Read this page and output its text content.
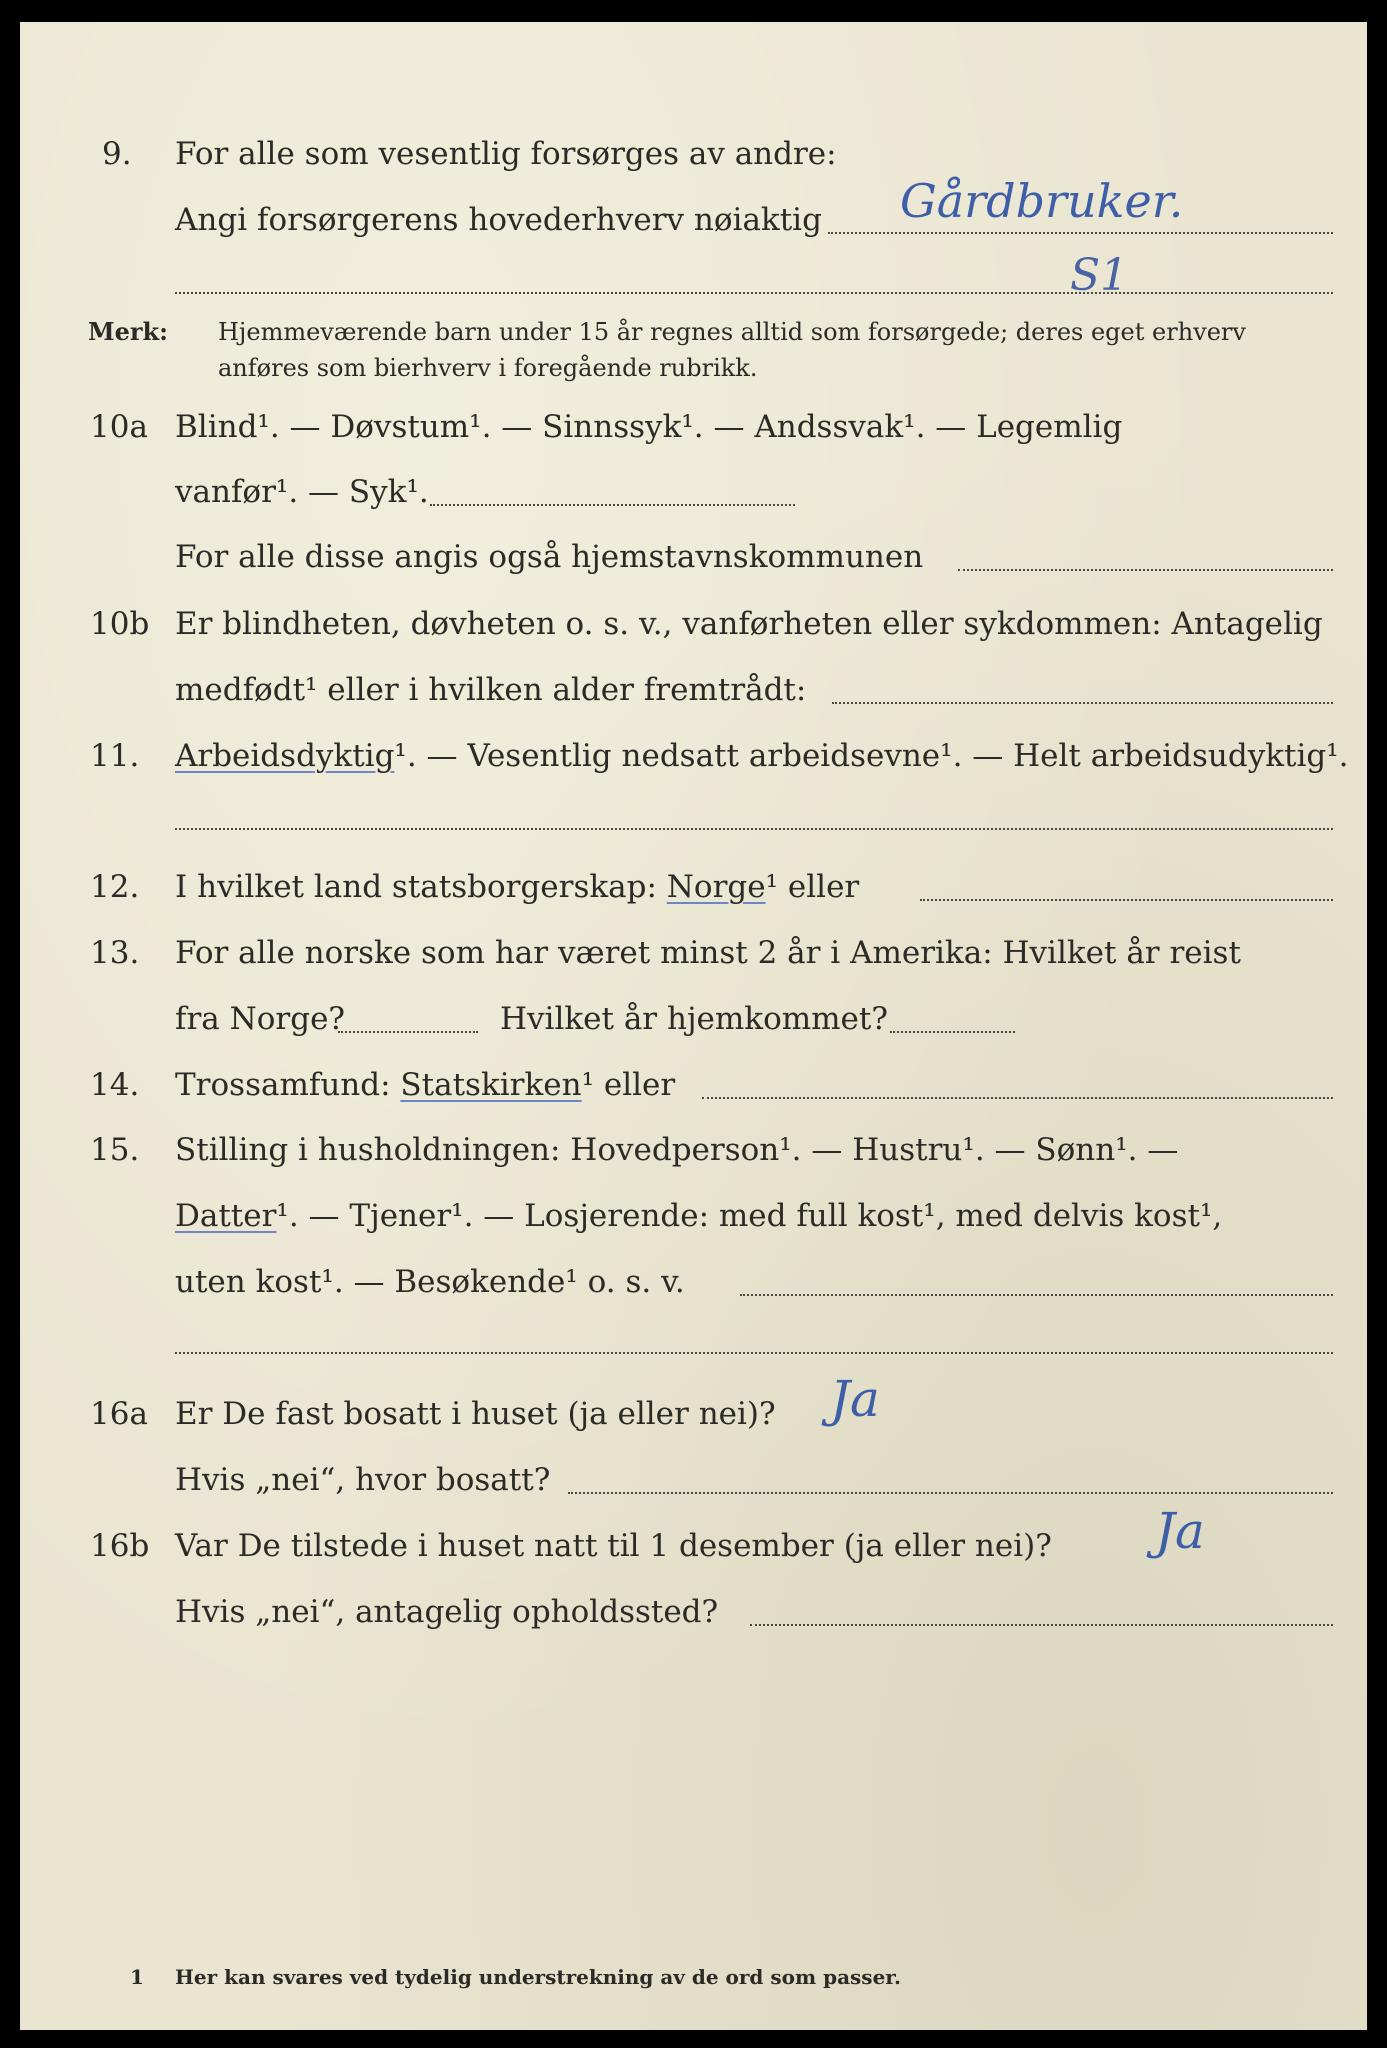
9. For alle som vesentlig forsørges av andre:
Angi forsørgerens hovederhverv nøiaktig Gårdbruker.
S1
Merk: Hjemmeværende barn under 15 år regnes alltid som forsørgede; deres eget erhverv
anføres som bierhverv i foregående rubrikk.
10a Blind¹. — Døvstum¹. — Sinnssyk¹. — Andssvak¹. — Legemlig
vanfør¹. — Syk¹.
For alle disse angis også hjemstavnskommunen
10b Er blindheten, døvheten o. s. v., vanførheten eller sykdommen: Antagelig
medfødt¹ eller i hvilken alder fremtrådt:
11. Arbeidsdyktig¹. — Vesentlig nedsatt arbeidsevne¹. — Helt arbeidsudyktig¹.
12. I hvilket land statsborgerskap: Norge¹ eller
13. For alle norske som har været minst 2 år i Amerika: Hvilket år reist
fra Norge?	Hvilket år hjemkommet?
14. Trossamfund: Statskirken¹ eller
15. Stilling i husholdningen: Hovedperson¹. — Hustru¹. — Sønn¹. —
Datter¹. — Tjener¹. — Losjerende: med full kost¹, med delvis kost¹,
uten kost¹. — Besøkende¹ o. s. v.
16a Er De fast bosatt i huset (ja eller nei)? Ja
Hvis „nei“, hvor bosatt?
16b Var De tilstede i huset natt til 1 desember (ja eller nei)? Ja
Hvis „nei“, antagelig opholdssted?
1 Her kan svares ved tydelig understrekning av de ord som passer.
